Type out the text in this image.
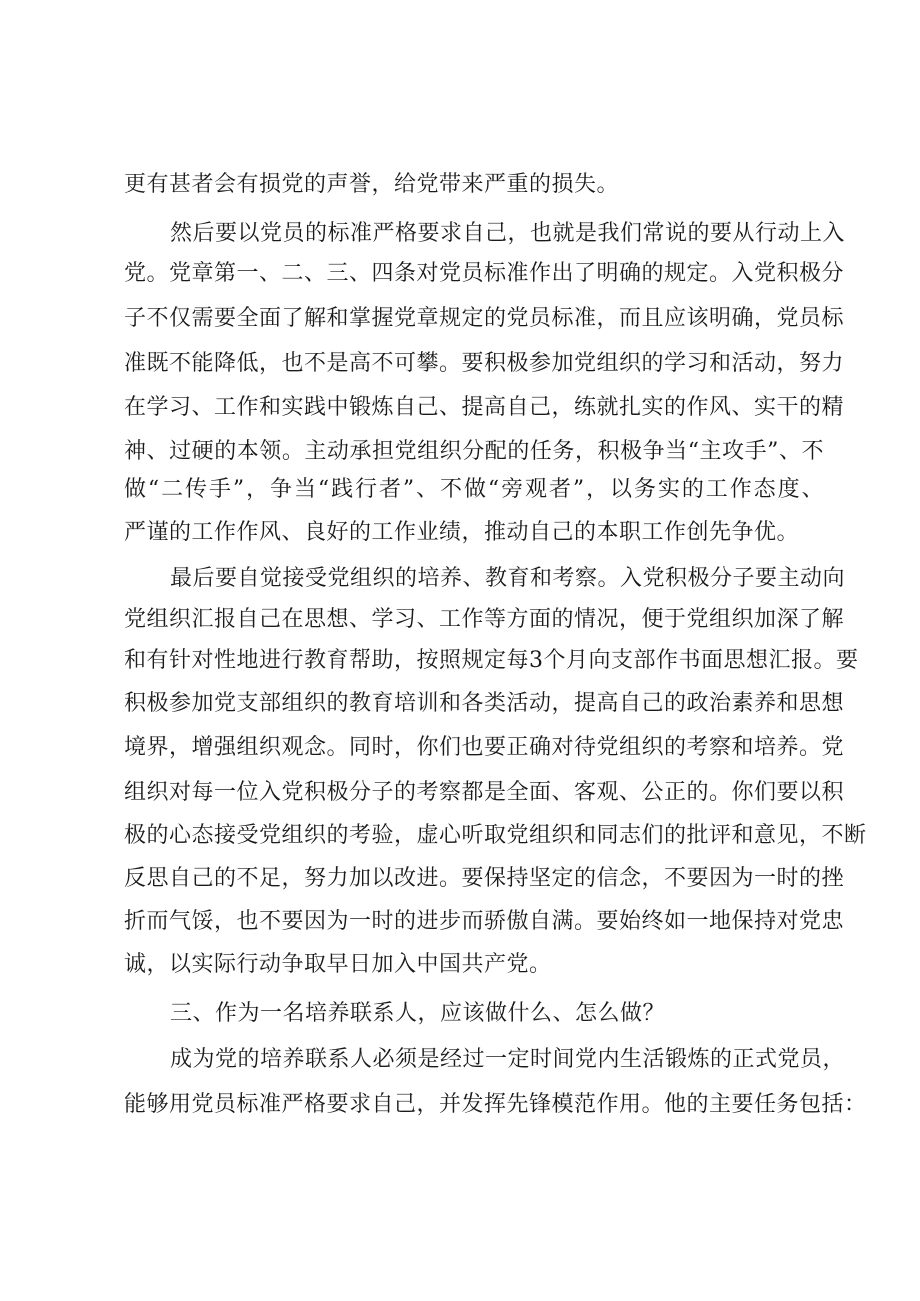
更有甚者会有损党的声誉，给党带来严重的损失。
然后要以党员的标准严格要求自己，也就是我们常说的要从行动上入
党。党章第一、二、三、四条对党员标准作出了明确的规定。入党积极分
子不仅需要全面了解和掌握党章规定的党员标准，而且应该明确，党员标
准既不能降低，也不是高不可攀。要积极参加党组织的学习和活动，努力
在学习、工作和实践中锻炼自己、提高自己，练就扎实的作风、实干的精
神、过硬的本领。主动承担党组织分配的任务，积极争当“主攻手”、不
做“二传手”，争当“践行者”、不做“旁观者”，以务实的工作态度、
严谨的工作作风、良好的工作业绩，推动自己的本职工作创先争优。
最后要自觉接受党组织的培养、教育和考察。入党积极分子要主动向
党组织汇报自己在思想、学习、工作等方面的情况，便于党组织加深了解
和有针对性地进行教育帮助，按照规定每3个月向支部作书面思想汇报。要
积极参加党支部组织的教育培训和各类活动，提高自己的政治素养和思想
境界，增强组织观念。同时，你们也要正确对待党组织的考察和培养。党
组织对每一位入党积极分子的考察都是全面、客观、公正的。你们要以积
极的心态接受党组织的考验，虚心听取党组织和同志们的批评和意见，不断
反思自己的不足，努力加以改进。要保持坚定的信念，不要因为一时的挫
折而气馁，也不要因为一时的进步而骄傲自满。要始终如一地保持对党忠
诚，以实际行动争取早日加入中国共产党。
三、作为一名培养联系人，应该做什么、怎么做？
成为党的培养联系人必须是经过一定时间党内生活锻炼的正式党员，
能够用党员标准严格要求自己，并发挥先锋模范作用。他的主要任务包括：
